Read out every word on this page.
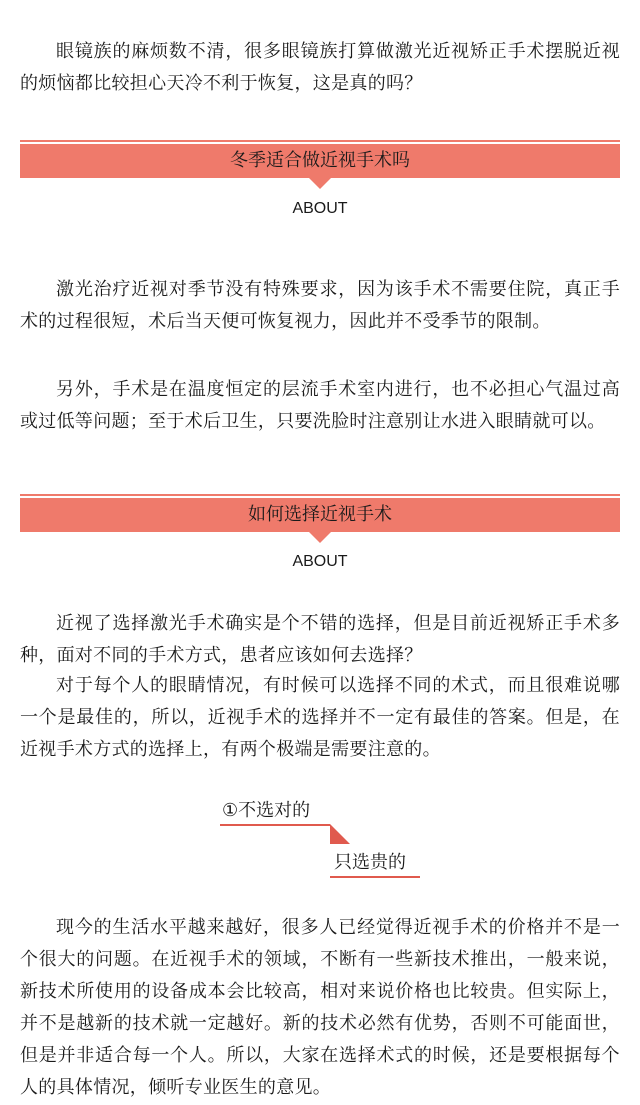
眼镜族的麻烦数不清，很多眼镜族打算做激光近视矫正手术摆脱近视的烦恼都比较担心天冷不利于恢复，这是真的吗？

冬季适合做近视手术吗
ABOUT

激光治疗近视对季节没有特殊要求，因为该手术不需要住院，真正手术的过程很短，术后当天便可恢复视力，因此并不受季节的限制。

另外，手术是在温度恒定的层流手术室内进行，也不必担心气温过高或过低等问题；至于术后卫生，只要洗脸时注意别让水进入眼睛就可以。

如何选择近视手术
ABOUT

近视了选择激光手术确实是个不错的选择，但是目前近视矫正手术多种，面对不同的手术方式，患者应该如何去选择？

对于每个人的眼睛情况，有时候可以选择不同的术式，而且很难说哪一个是最佳的，所以，近视手术的选择并不一定有最佳的答案。但是，在近视手术方式的选择上，有两个极端是需要注意的。

①不选对的
只选贵的

现今的生活水平越来越好，很多人已经觉得近视手术的价格并不是一个很大的问题。在近视手术的领域，不断有一些新技术推出，一般来说，新技术所使用的设备成本会比较高，相对来说价格也比较贵。但实际上，并不是越新的技术就一定越好。新的技术必然有优势，否则不可能面世， 但是并非适合每一个人。所以，大家在选择术式的时候，还是要根据每个人的具体情况，倾听专业医生的意见。
